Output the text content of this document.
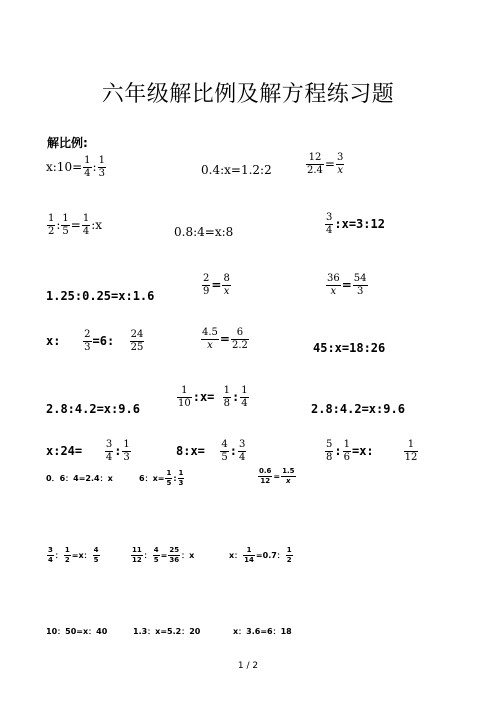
六年级解比例及解方程练习题
解比例:
x:10= $\frac{1}{4}$ : $\frac{1}{3}$	0.4:x=1.2:2	$\frac{12}{2.4} = \frac{3}{x}$
$\frac{1}{2}$ : $\frac{1}{5} = \frac{1}{4}$ :x	0.8:4=x:8	$\frac{3}{4}$ :x=3:12
1.25:0.25=x:1.6	$\frac{2}{9} = \frac{8}{x}$	$\frac{36}{x} = \frac{54}{3}$
x: $\frac{2}{3} =6$: $\frac{24}{25}$	$\frac{4.5}{x} = \frac{6}{2.2}$	45:x=18:26
2.8:4.2=x:9.6	$\frac{1}{10}$ :x= $\frac{1}{8}$ : $\frac{1}{4}$	2.8:4.2=x:9.6
x:24= $\frac{3}{4}$ : $\frac{1}{3}$	8:x= $\frac{4}{5}$ : $\frac{3}{4}$	$\frac{5}{8}$ : $\frac{1}{6} =x$:	$\frac{1}{12}$
0．6：4=2.4：x	6：$x= \frac{1}{5}$ : $\frac{1}{3}$	$\frac{0.6}{12} = \frac{1.5}{x}$
$\frac{3}{4}$ ： $\frac{1}{2} =x$： $\frac{4}{5}$	$\frac{11}{12}$ ： $\frac{4}{5} = \frac{25}{36}$ ：x	x： $\frac{1}{14} =0.7$： $\frac{1}{2}$
10：50=x：40	1.3：x=5.2：20	x：3.6=6：18
1 / 2
